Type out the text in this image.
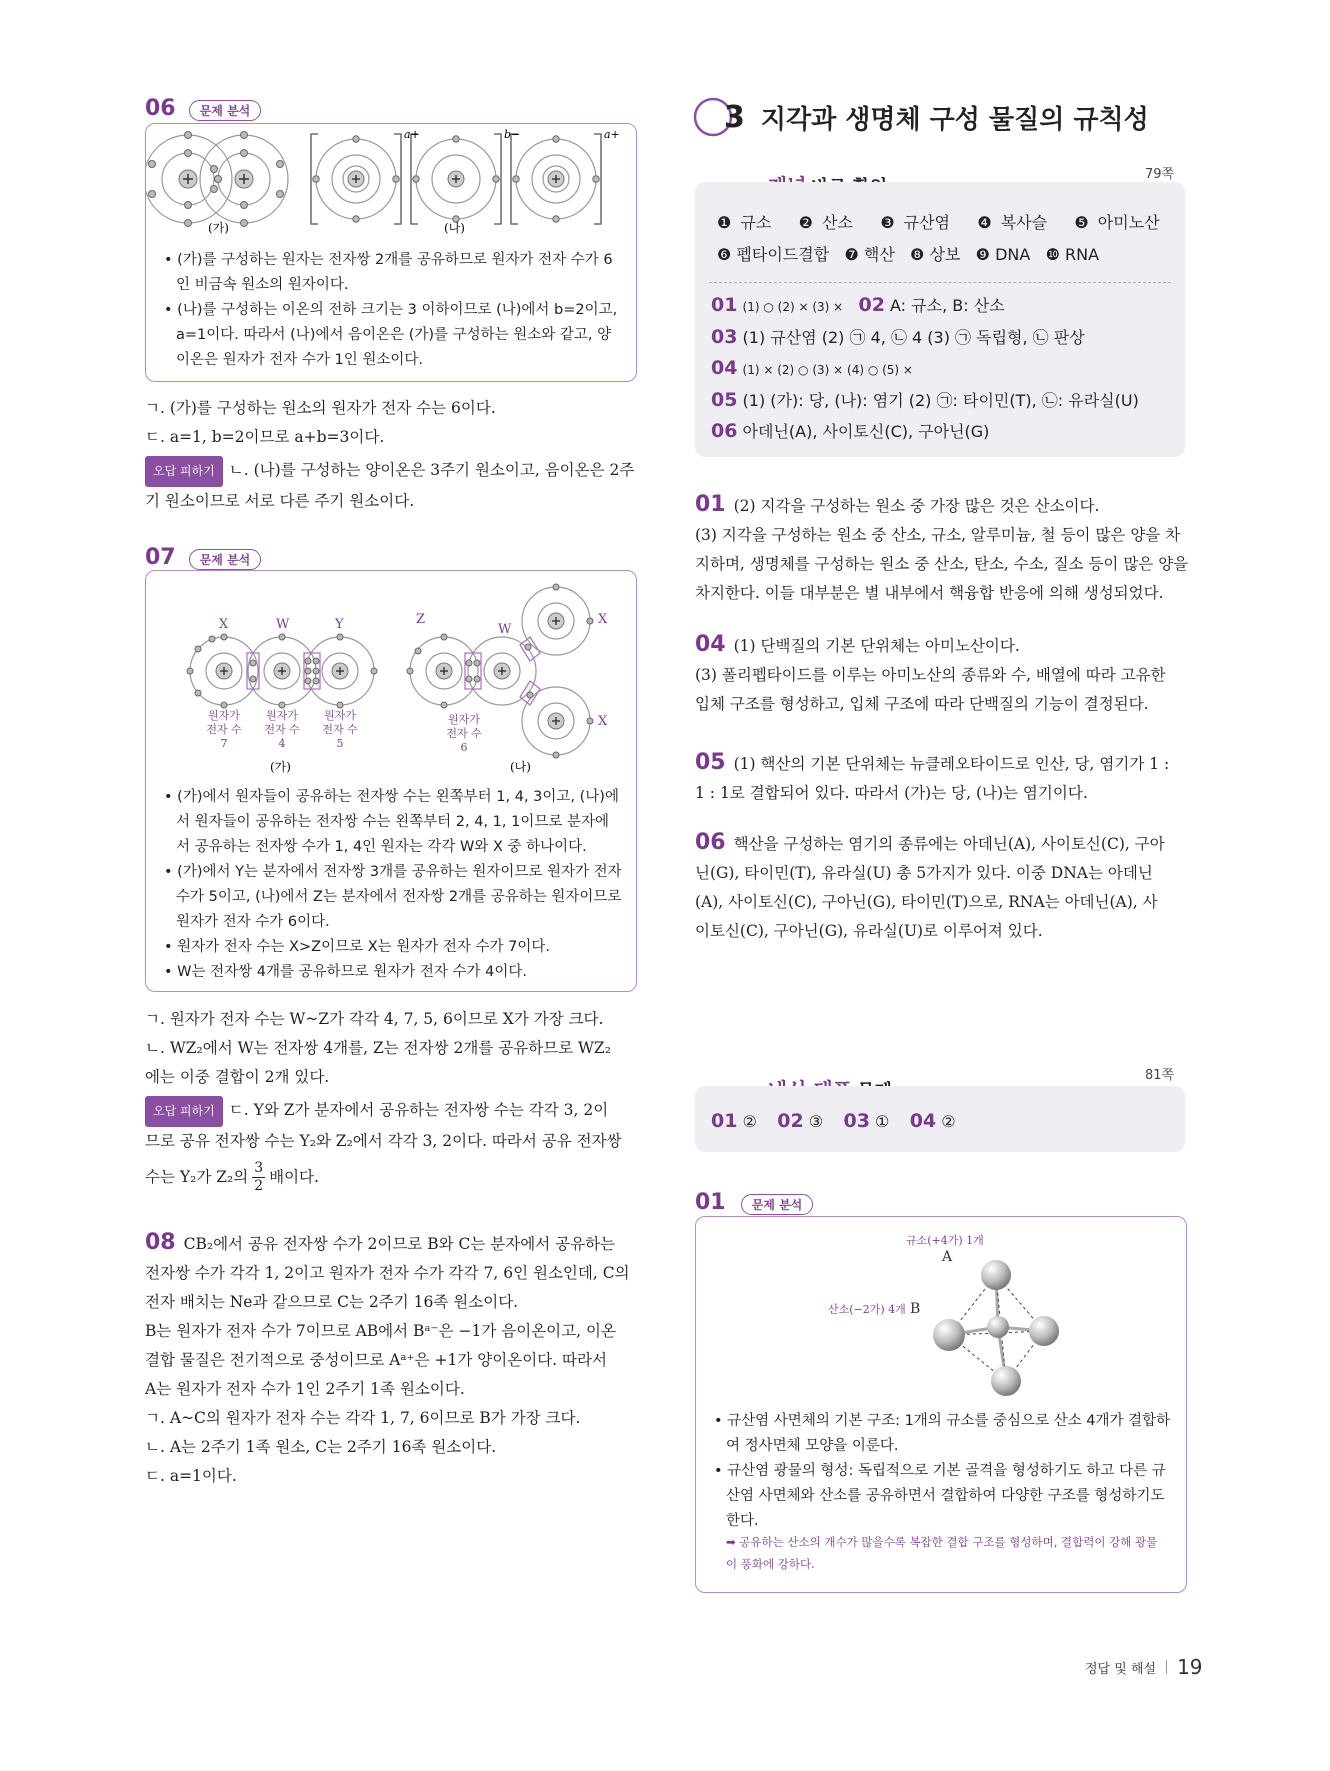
06 문제 분석
a+	b−	a+
(가)	(나)
• (가)를 구성하는 원자는 전자쌍 2개를 공유하므로 원자가 전자 수가 6인 비금속 원소의 원자이다.
• (나)를 구성하는 이온의 전하 크기는 3 이하이므로 (나)에서 b=2이고, a=1이다. 따라서 (나)에서 음이온은 (가)를 구성하는 원소와 같고, 양이온은 원자가 전자 수가 1인 원소이다.
ㄱ. (가)를 구성하는 원소의 원자가 전자 수는 6이다.
ㄷ. a=1, b=2이므로 a+b=3이다.
오답 피하기 ㄴ. (나)를 구성하는 양이온은 3주기 원소이고, 음이온은 2주기 원소이므로 서로 다른 주기 원소이다.
07 문제 분석
X	W	Y	Z
W
X
X
원자가
전자 수
7
원자가
전자 수
4
원자가
전자 수
5
원자가
전자 수
6
(가)	(나)
• (가)에서 원자들이 공유하는 전자쌍 수는 왼쪽부터 1, 4, 3이고, (나)에서 원자들이 공유하는 전자쌍 수는 왼쪽부터 2, 4, 1, 1이므로 분자에서 공유하는 전자쌍 수가 1, 4인 원자는 각각 W와 X 중 하나이다.
• (가)에서 Y는 분자에서 전자쌍 3개를 공유하는 원자이므로 원자가 전자 수가 5이고, (나)에서 Z는 분자에서 전자쌍 2개를 공유하는 원자이므로 원자가 전자 수가 6이다.
• 원자가 전자 수는 X>Z이므로 X는 원자가 전자 수가 7이다.
• W는 전자쌍 4개를 공유하므로 원자가 전자 수가 4이다.
ㄱ. 원자가 전자 수는 W~Z가 각각 4, 7, 5, 6이므로 X가 가장 크다.
ㄴ. WZ₂에서 W는 전자쌍 4개를, Z는 전자쌍 2개를 공유하므로 WZ₂
에는 이중 결합이 2개 있다.
오답 피하기 ㄷ. Y와 Z가 분자에서 공유하는 전자쌍 수는 각각 3, 2이
므로 공유 전자쌍 수는 Y₂와 Z₂에서 각각 3, 2이다. 따라서 공유 전자쌍
수는 Y₂가 Z₂의 $\frac{3}{2}$ 배이다.
08 CB₂에서 공유 전자쌍 수가 2이므로 B와 C는 분자에서 공유하는
전자쌍 수가 각각 1, 2이고 원자가 전자 수가 각각 7, 6인 원소인데, C의
전자 배치는 Ne과 같으므로 C는 2주기 16족 원소이다.
B는 원자가 전자 수가 7이므로 AB에서 Bᵃ⁻은 −1가 음이온이고, 이온
결합 물질은 전기적으로 중성이므로 Aᵃ⁺은 +1가 양이온이다. 따라서
A는 원자가 전자 수가 1인 2주기 1족 원소이다.
ㄱ. A~C의 원자가 전자 수는 각각 1, 7, 6이므로 B가 가장 크다.
ㄴ. A는 2주기 1족 원소, C는 2주기 16족 원소이다.
ㄷ. a=1이다.
3 지각과 생명체 구성 물질의 규칙성
79쪽
❶ 규소 ❷ 산소 ❸ 규산염 ❹ 복사슬 ❺ 아미노산
❻ 펩타이드결합 ❼ 핵산 ❽ 상보 ❾ DNA ❿ RNA
01 (1) ○ (2) × (3) × 02 A: 규소, B: 산소
03 (1) 규산염 (2) ㉠ 4, ㉡ 4 (3) ㉠ 독립형, ㉡ 판상
04 (1) × (2) ○ (3) × (4) ○ (5) ×
05 (1) (가): 당, (나): 염기 (2) ㉠: 타이민(T), ㉡: 유라실(U)
06 아데닌(A), 사이토신(C), 구아닌(G)
01 (2) 지각을 구성하는 원소 중 가장 많은 것은 산소이다.
(3) 지각을 구성하는 원소 중 산소, 규소, 알루미늄, 철 등이 많은 양을 차
지하며, 생명체를 구성하는 원소 중 산소, 탄소, 수소, 질소 등이 많은 양을
차지한다. 이들 대부분은 별 내부에서 핵융합 반응에 의해 생성되었다.
04 (1) 단백질의 기본 단위체는 아미노산이다.
(3) 폴리펩타이드를 이루는 아미노산의 종류와 수, 배열에 따라 고유한
입체 구조를 형성하고, 입체 구조에 따라 단백질의 기능이 결정된다.
05 (1) 핵산의 기본 단위체는 뉴클레오타이드로 인산, 당, 염기가 1 :
1 : 1로 결합되어 있다. 따라서 (가)는 당, (나)는 염기이다.
06 핵산을 구성하는 염기의 종류에는 아데닌(A), 사이토신(C), 구아
닌(G), 타이민(T), 유라실(U) 총 5가지가 있다. 이중 DNA는 아데닌
(A), 사이토신(C), 구아닌(G), 타이민(T)으로, RNA는 아데닌(A), 사
이토신(C), 구아닌(G), 유라실(U)로 이루어져 있다.
81쪽
01 ② 02 ③ 03 ① 04 ②
01 문제 분석
규소(+4가) 1개
A
산소(−2가) 4개 B
• 규산염 사면체의 기본 구조: 1개의 규소를 중심으로 산소 4개가 결합하여 정사면체 모양을 이룬다.
• 규산염 광물의 형성: 독립적으로 기본 골격을 형성하기도 하고 다른 규산염 사면체와 산소를 공유하면서 결합하여 다양한 구조를 형성하기도 한다.
➡ 공유하는 산소의 개수가 많을수록 복잡한 결합 구조를 형성하며, 결합력이 강해 광물이 풍화에 강하다.
정답 및 해설 19
